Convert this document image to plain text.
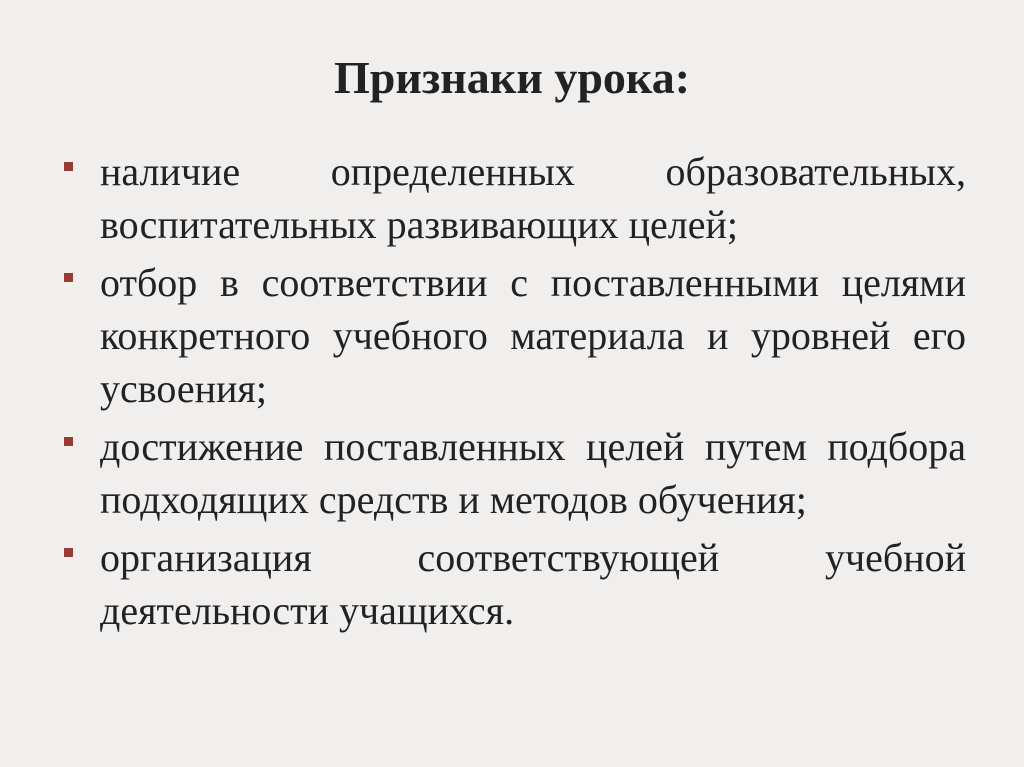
Признаки урока:
наличие определенных образовательных, воспитательных развивающих целей;
отбор в соответствии с поставленными целями конкретного учебного материала и уровней его усвоения;
достижение поставленных целей путем подбора подходящих средств и методов обучения;
организация соответствующей учебной деятельности учащихся.
